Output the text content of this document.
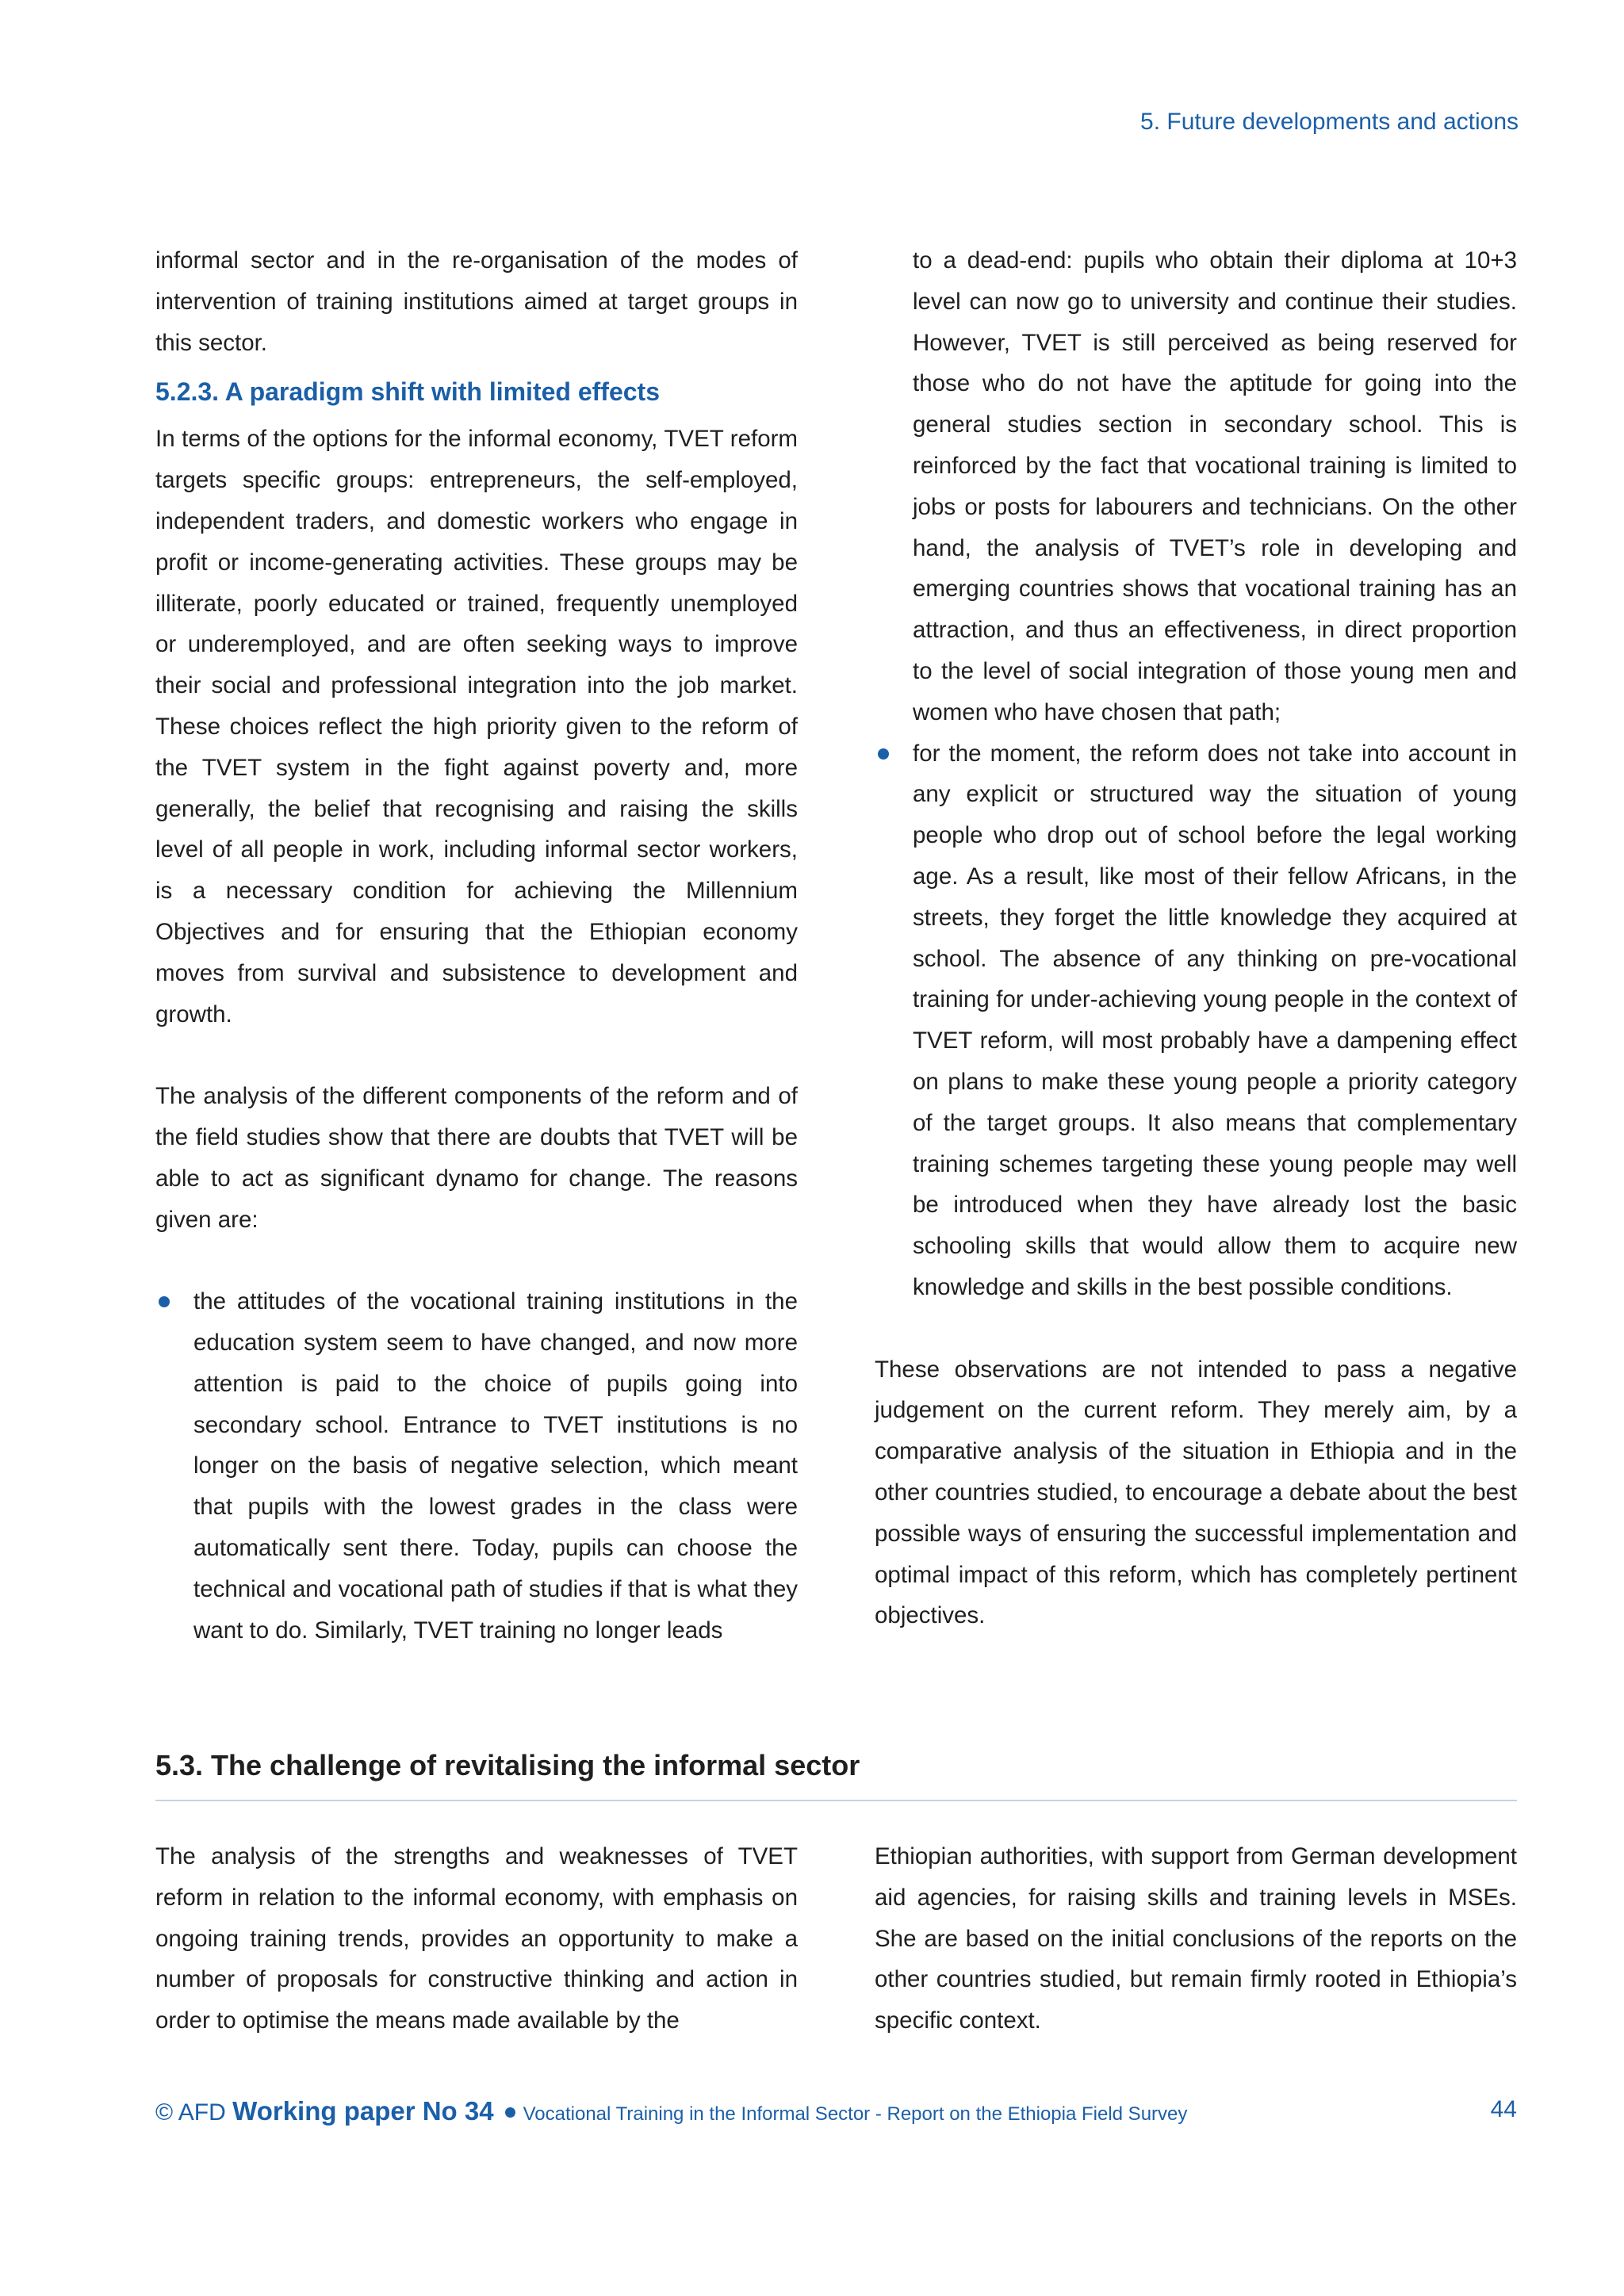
5. Future developments and actions

informal sector and in the re-organisation of the modes of intervention of training institutions aimed at target groups in this sector.

5.2.3. A paradigm shift with limited effects

In terms of the options for the informal economy, TVET reform targets specific groups: entrepreneurs, the self-employed, independent traders, and domestic workers who engage in profit or income-generating activities. These groups may be illiterate, poorly educated or trained, frequently unemployed or underemployed, and are often seeking ways to improve their social and professional integration into the job market. These choices reflect the high priority given to the reform of the TVET system in the fight against poverty and, more generally, the belief that recognising and raising the skills level of all people in work, including informal sector workers, is a necessary condition for achieving the Millennium Objectives and for ensuring that the Ethiopian economy moves from survival and subsistence to development and growth.

The analysis of the different components of the reform and of the field studies show that there are doubts that TVET will be able to act as significant dynamo for change. The reasons given are:

the attitudes of the vocational training institutions in the education system seem to have changed, and now more attention is paid to the choice of pupils going into secondary school. Entrance to TVET institutions is no longer on the basis of negative selection, which meant that pupils with the lowest grades in the class were automatically sent there. Today, pupils can choose the technical and vocational path of studies if that is what they want to do. Similarly, TVET training no longer leads

to a dead-end: pupils who obtain their diploma at 10+3 level can now go to university and continue their studies. However, TVET is still perceived as being reserved for those who do not have the aptitude for going into the general studies section in secondary school. This is reinforced by the fact that vocational training is limited to jobs or posts for labourers and technicians. On the other hand, the analysis of TVET’s role in developing and emerging countries shows that vocational training has an attraction, and thus an effectiveness, in direct proportion to the level of social integration of those young men and women who have chosen that path;

for the moment, the reform does not take into account in any explicit or structured way the situation of young people who drop out of school before the legal working age. As a result, like most of their fellow Africans, in the streets, they forget the little knowledge they acquired at school. The absence of any thinking on pre-vocational training for under-achieving young people in the context of TVET reform, will most probably have a dampening effect on plans to make these young people a priority category of the target groups. It also means that complementary training schemes targeting these young people may well be introduced when they have already lost the basic schooling skills that would allow them to acquire new knowledge and skills in the best possible conditions.

These observations are not intended to pass a negative judgement on the current reform. They merely aim, by a comparative analysis of the situation in Ethiopia and in the other countries studied, to encourage a debate about the best possible ways of ensuring the successful implementation and optimal impact of this reform, which has completely pertinent objectives.

5.3. The challenge of revitalising the informal sector

The analysis of the strengths and weaknesses of TVET reform in relation to the informal economy, with emphasis on ongoing training trends, provides an opportunity to make a number of proposals for constructive thinking and action in order to optimise the means made available by the

Ethiopian authorities, with support from German development aid agencies, for raising skills and training levels in MSEs. She are based on the initial conclusions of the reports on the other countries studied, but remain firmly rooted in Ethiopia’s specific context.

© AFD Working paper No 34 Vocational Training in the Informal Sector - Report on the Ethiopia Field Survey	44
